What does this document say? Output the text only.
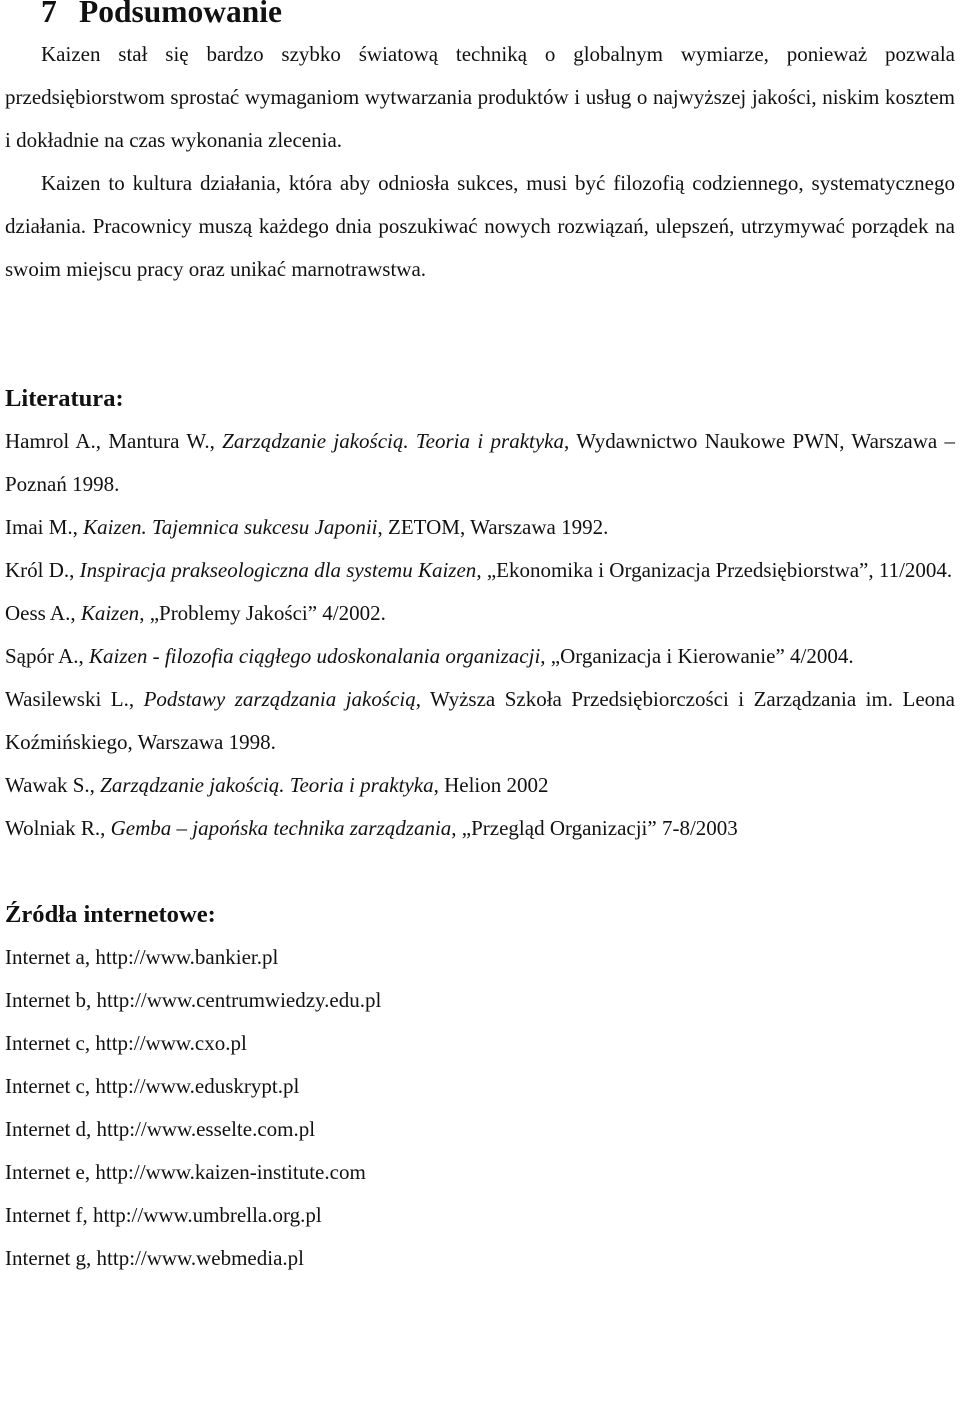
7 Podsumowanie

Kaizen stał się bardzo szybko światową techniką o globalnym wymiarze, ponieważ pozwala przedsiębiorstwom sprostać wymaganiom wytwarzania produktów i usług o najwyższej jakości, niskim kosztem i dokładnie na czas wykonania zlecenia.

Kaizen to kultura działania, która aby odniosła sukces, musi być filozofią codziennego, systematycznego działania. Pracownicy muszą każdego dnia poszukiwać nowych rozwiązań, ulepszeń, utrzymywać porządek na swoim miejscu pracy oraz unikać marnotrawstwa.

Literatura:

Hamrol A., Mantura W., Zarządzanie jakością. Teoria i praktyka, Wydawnictwo Naukowe PWN, Warszawa – Poznań 1998.

Imai M., Kaizen. Tajemnica sukcesu Japonii, ZETOM, Warszawa 1992.

Król D., Inspiracja prakseologiczna dla systemu Kaizen, „Ekonomika i Organizacja Przedsiębiorstwa”, 11/2004.

Oess A., Kaizen, „Problemy Jakości” 4/2002.

Sąpór A., Kaizen - filozofia ciągłego udoskonalania organizacji, „Organizacja i Kierowanie” 4/2004.

Wasilewski L., Podstawy zarządzania jakością, Wyższa Szkoła Przedsiębiorczości i Zarządzania im. Leona Koźmińskiego, Warszawa 1998.

Wawak S., Zarządzanie jakością. Teoria i praktyka, Helion 2002

Wolniak R., Gemba – japońska technika zarządzania, „Przegląd Organizacji” 7-8/2003

Źródła internetowe:

Internet a, http://www.bankier.pl

Internet b, http://www.centrumwiedzy.edu.pl

Internet c, http://www.cxo.pl

Internet c, http://www.eduskrypt.pl

Internet d, http://www.esselte.com.pl

Internet e, http://www.kaizen-institute.com

Internet f, http://www.umbrella.org.pl

Internet g, http://www.webmedia.pl
